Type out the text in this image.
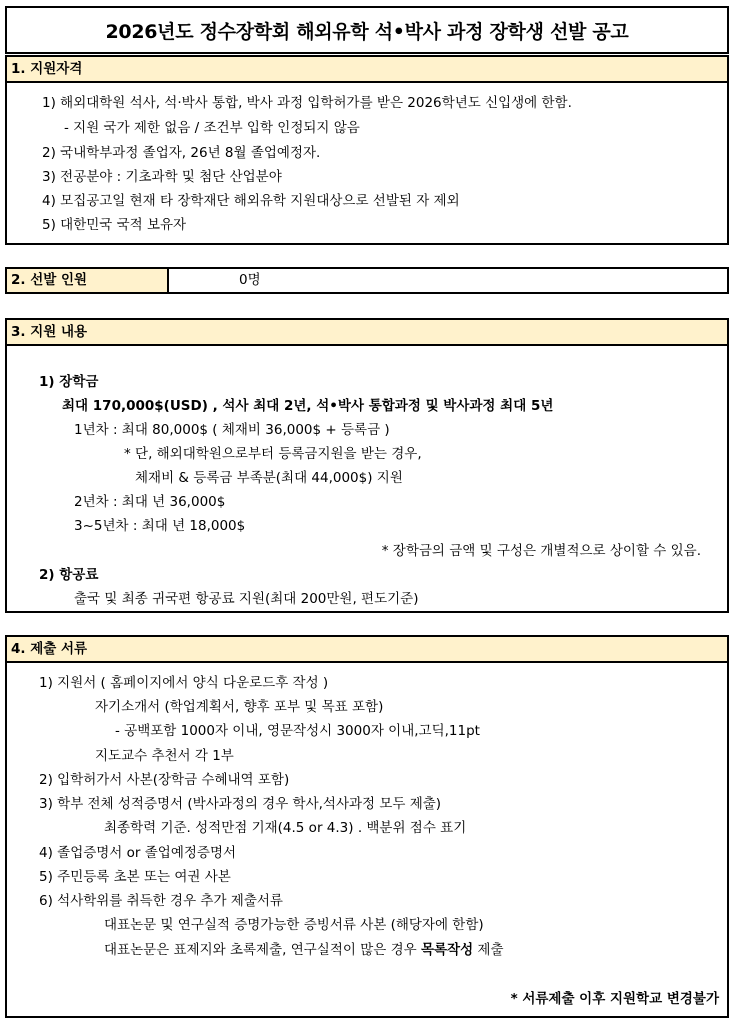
2026년도 정수장학회 해외유학 석•박사 과정 장학생 선발 공고
1. 지원자격
1) 해외대학원 석사, 석·박사 통합, 박사 과정 입학허가를 받은 2026학년도 신입생에 한함.
- 지원 국가 제한 없음 / 조건부 입학 인정되지 않음
2) 국내학부과정 졸업자, 26년 8월 졸업예정자.
3) 전공분야 : 기초과학 및 첨단 산업분야
4) 모집공고일 현재 타 장학재단 해외유학 지원대상으로 선발된 자 제외
5) 대한민국 국적 보유자
2. 선발 인원	0명
3. 지원 내용
1) 장학금
최대 170,000$(USD) , 석사 최대 2년, 석•박사 통합과정 및 박사과정 최대 5년
1년차 : 최대 80,000$ ( 체재비 36,000$ + 등록금 )
* 단, 해외대학원으로부터 등록금지원을 받는 경우,
체재비 & 등록금 부족분(최대 44,000$) 지원
2년차 : 최대 년 36,000$
3~5년차 : 최대 년 18,000$
* 장학금의 금액 및 구성은 개별적으로 상이할 수 있음.
2) 항공료
출국 및 최종 귀국편 항공료 지원(최대 200만원, 편도기준)
4. 제출 서류
1) 지원서 ( 홈페이지에서 양식 다운로드후 작성 )
자기소개서 (학업계획서, 향후 포부 및 목표 포함)
- 공백포함 1000자 이내, 영문작성시 3000자 이내,고딕,11pt
지도교수 추천서 각 1부
2) 입학허가서 사본(장학금 수혜내역 포함)
3) 학부 전체 성적증명서 (박사과정의 경우 학사,석사과정 모두 제출)
최종학력 기준. 성적만점 기재(4.5 or 4.3) . 백분위 점수 표기
4) 졸업증명서 or 졸업예정증명서
5) 주민등록 초본 또는 여권 사본
6) 석사학위를 취득한 경우 추가 제출서류
대표논문 및 연구실적 증명가능한 증빙서류 사본 (해당자에 한함)
대표논문은 표제지와 초록제출, 연구실적이 많은 경우 목록작성 제출
* 서류제출 이후 지원학교 변경불가
